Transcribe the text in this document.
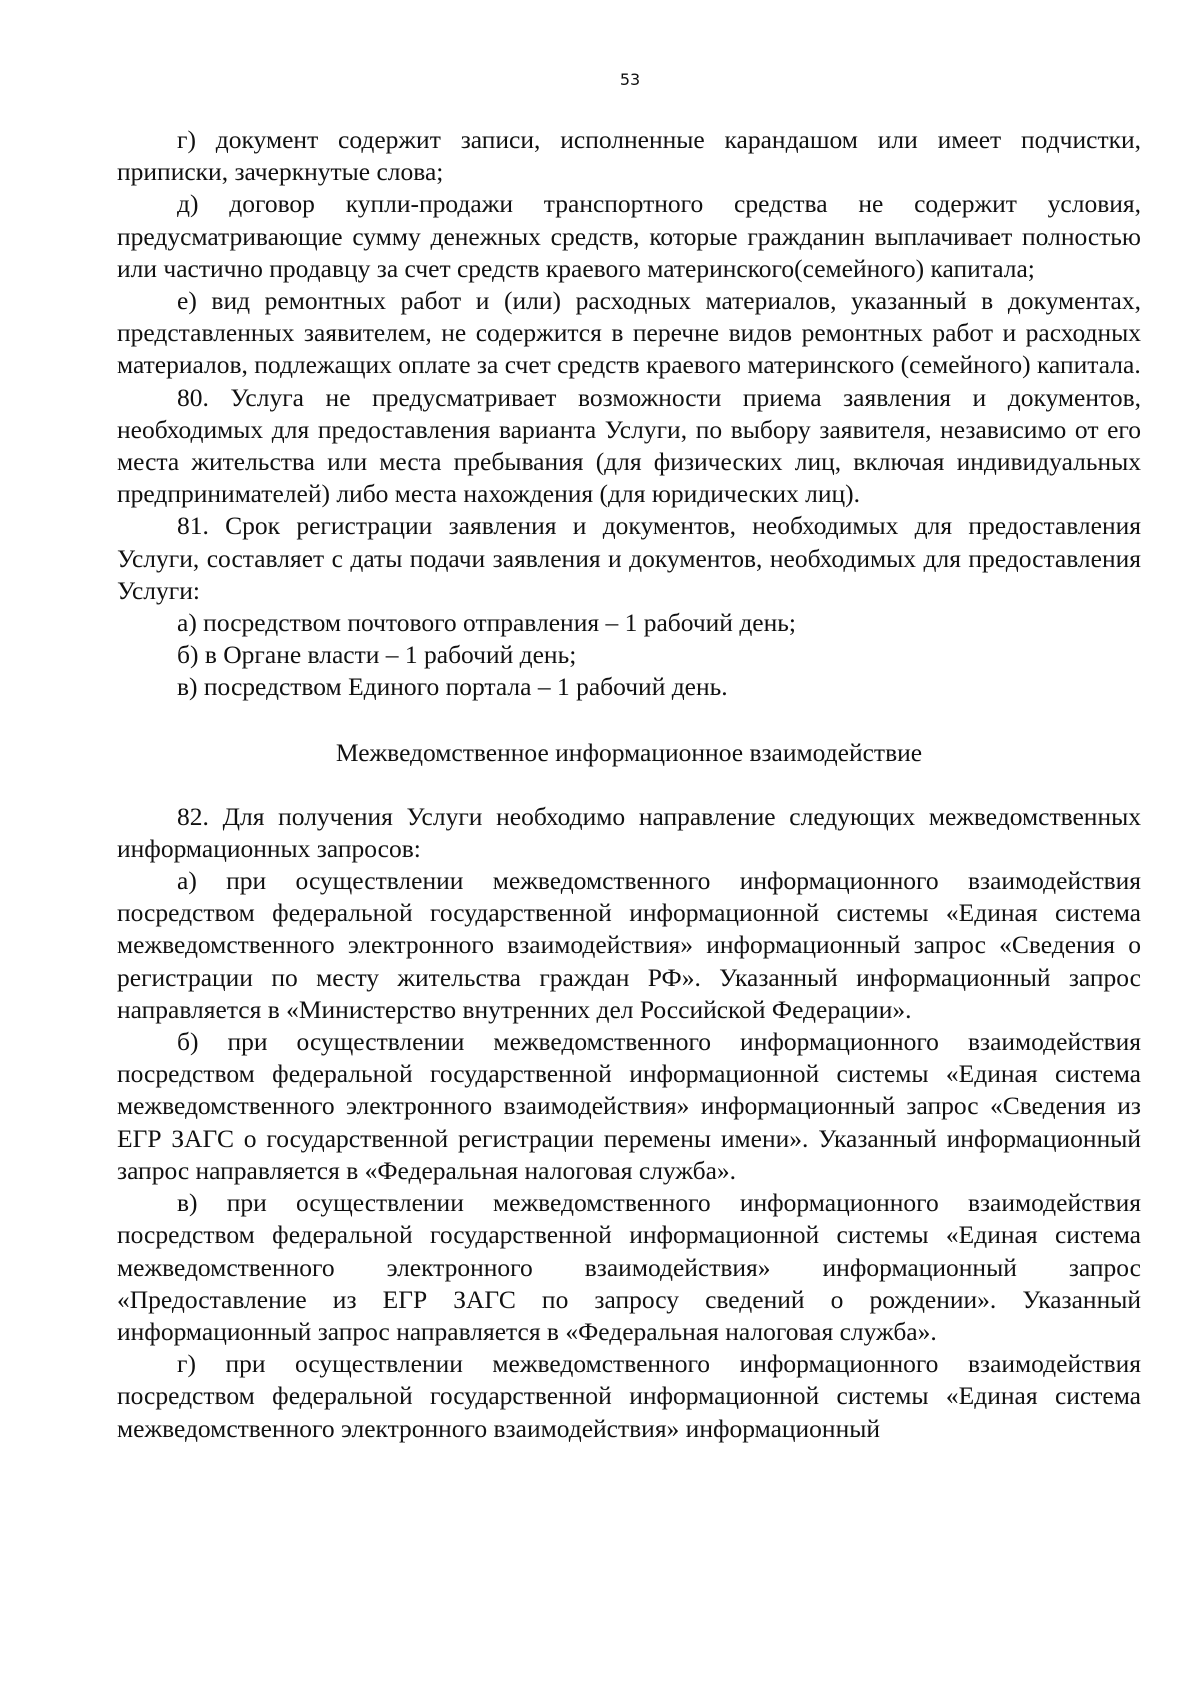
53

г) документ содержит записи, исполненные карандашом или имеет подчистки, приписки, зачеркнутые слова;

д) договор купли-продажи транспортного средства не содержит условия, предусматривающие сумму денежных средств, которые гражданин выплачивает полностью или частично продавцу за счет средств краевого материнского(семейного) капитала;

е) вид ремонтных работ и (или) расходных материалов, указанный в документах, представленных заявителем, не содержится в перечне видов ремонтных работ и расходных материалов, подлежащих оплате за счет средств краевого материнского (семейного) капитала.

80. Услуга не предусматривает возможности приема заявления и документов, необходимых для предоставления варианта Услуги, по выбору заявителя, независимо от его места жительства или места пребывания (для физических лиц, включая индивидуальных предпринимателей) либо места нахождения (для юридических лиц).

81. Срок регистрации заявления и документов, необходимых для предоставления Услуги, составляет с даты подачи заявления и документов, необходимых для предоставления Услуги:

а) посредством почтового отправления – 1 рабочий день;

б) в Органе власти – 1 рабочий день;

в) посредством Единого портала – 1 рабочий день.

Межведомственное информационное взаимодействие

82. Для получения Услуги необходимо направление следующих межведомственных информационных запросов:

а) при осуществлении межведомственного информационного взаимодействия посредством федеральной государственной информационной системы «Единая система межведомственного электронного взаимодействия» информационный запрос «Сведения о регистрации по месту жительства граждан РФ». Указанный информационный запрос направляется в «Министерство внутренних дел Российской Федерации».

б) при осуществлении межведомственного информационного взаимодействия посредством федеральной государственной информационной системы «Единая система межведомственного электронного взаимодействия» информационный запрос «Сведения из ЕГР ЗАГС о государственной регистрации перемены имени». Указанный информационный запрос направляется в «Федеральная налоговая служба».

в) при осуществлении межведомственного информационного взаимодействия посредством федеральной государственной информационной системы «Единая система межведомственного электронного взаимодействия» информационный запрос «Предоставление из ЕГР ЗАГС по запросу сведений о рождении». Указанный информационный запрос направляется в «Федеральная налоговая служба».

г) при осуществлении межведомственного информационного взаимодействия посредством федеральной государственной информационной системы «Единая система межведомственного электронного взаимодействия» информационный
